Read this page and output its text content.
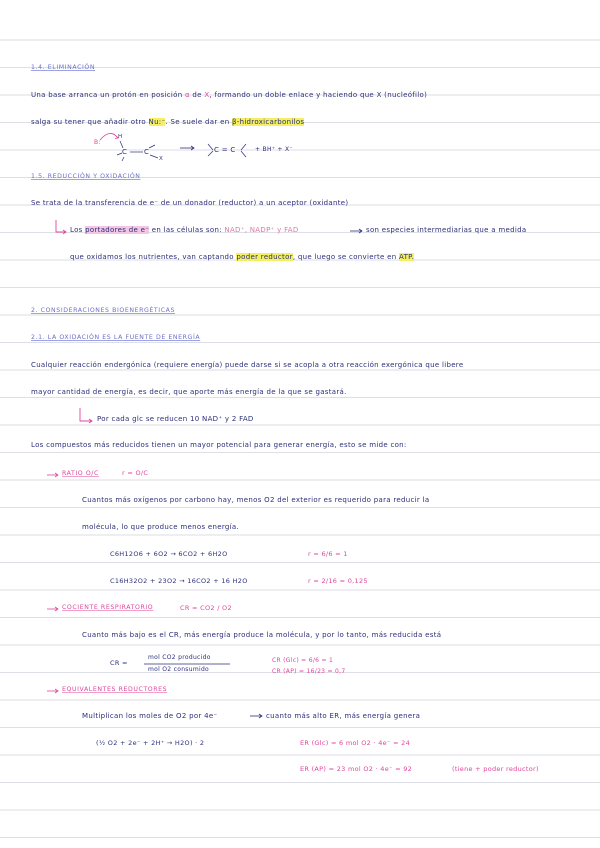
1.4. ELIMINACIÓN
Una base arranca un protón en posición α de X, formando un doble enlace y haciendo que X (nucleófilo)
salga su tener que añadir otro Nu:⁻. Se suele dar en β-hidroxicarbonilos
B:
H
C C
X
C = C	+ BH⁺ + X⁻
1.5. REDUCCIÓN Y OXIDACIÓN
Se trata de la transferencia de e⁻ de un donador (reductor) a un aceptor (oxidante)
Los portadores de e⁻ en las células son: NAD⁺, NADP⁺ y FAD	son especies intermediarias que a medida
que oxidamos los nutrientes, van captando poder reductor, que luego se convierte en ATP.
2. CONSIDERACIONES BIOENERGÉTICAS
2.1. LA OXIDACIÓN ES LA FUENTE DE ENERGÍA
Cualquier reacción endergónica (requiere energía) puede darse si se acopla a otra reacción exergónica que libere
mayor cantidad de energía, es decir, que aporte más energía de la que se gastará.
Por cada glc se reducen 10 NAD⁺ y 2 FAD
Los compuestos más reducidos tienen un mayor potencial para generar energía, esto se mide con:
RATIO O/C	r = O/C
Cuantos más oxígenos por carbono hay, menos O2 del exterior es requerido para reducir la
molécula, lo que produce menos energía.
C6H12O6 + 6O2 → 6CO2 + 6H2O	r = 6/6 = 1
C16H32O2 + 23O2 → 16CO2 + 16 H2O	r = 2/16 = 0,125
COCIENTE RESPIRATORIO	CR = CO2 / O2
Cuanto más bajo es el CR, más energía produce la molécula, y por lo tanto, más reducida está
CR =
mol CO2 producido
mol O2 consumido
CR (Glc) = 6/6 = 1
CR (AP) = 16/23 = 0,7
EQUIVALENTES REDUCTORES
Multiplican los moles de O2 por 4e⁻	cuanto más alto ER, más energía genera
(½ O2 + 2e⁻ + 2H⁺ → H2O) · 2	ER (Glc) = 6 mol O2 · 4e⁻ = 24
ER (AP) = 23 mol O2 · 4e⁻ = 92	(tiene + poder reductor)
